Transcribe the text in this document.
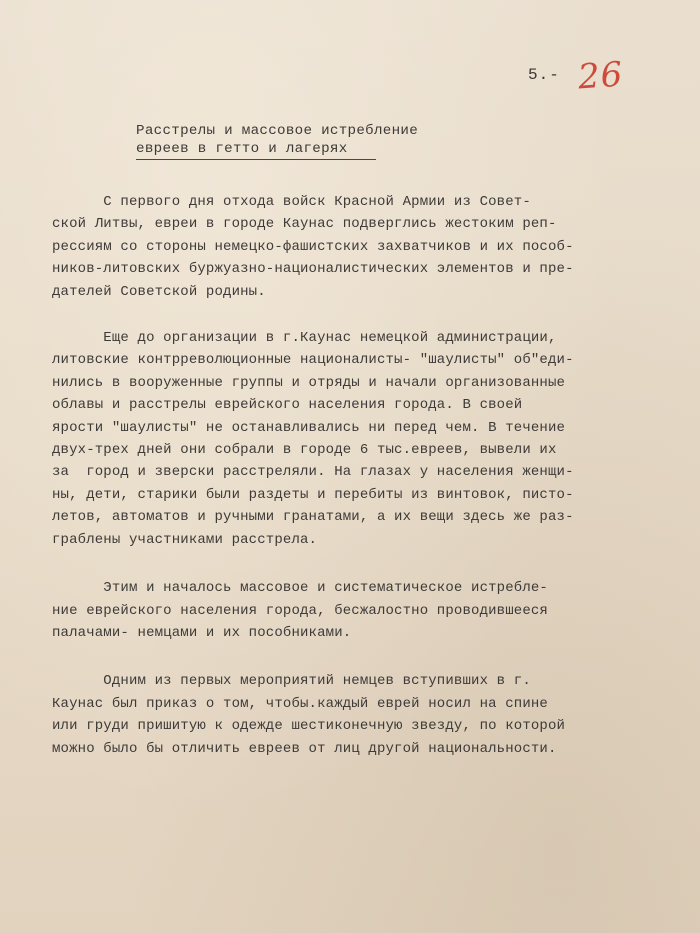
5.- 26
Расстрелы и массовое истребление
евреев в гетто и лагерях

С первого дня отхода войск Красной Армии из Совет-
ской Литвы, евреи в городе Каунас подверглись жестоким реп-
рессиям со стороны немецко-фашистских захватчиков и их пособ-
ников-литовских буржуазно-националистических элементов и пре-
дателей Советской родины.

Еще до организации в г.Каунас немецкой администрации,
литовские контрреволюционные националисты- "шаулисты" об"еди-
нились в вооруженные группы и отряды и начали организованные
облавы и расстрелы еврейского населения города. В своей
ярости "шаулисты" не останавливались ни перед чем. В течение
двух-трех дней они собрали в городе 6 тыс.евреев, вывели их
за  город и зверски расстреляли. На глазах у населения женщи-
ны, дети, старики были раздеты и перебиты из винтовок, писто-
летов, автоматов и ручными гранатами, а их вещи здесь же раз-
граблены участниками расстрела.

Этим и началось массовое и систематическое истребле-
ние еврейского населения города, бесжалостно проводившееся
палачами- немцами и их пособниками.

Одним из первых мероприятий немцев вступивших в г.
Каунас был приказ о том, чтобы.каждый еврей носил на спине
или груди пришитую к одежде шестиконечную звезду, по которой
можно было бы отличить евреев от лиц другой национальности.
